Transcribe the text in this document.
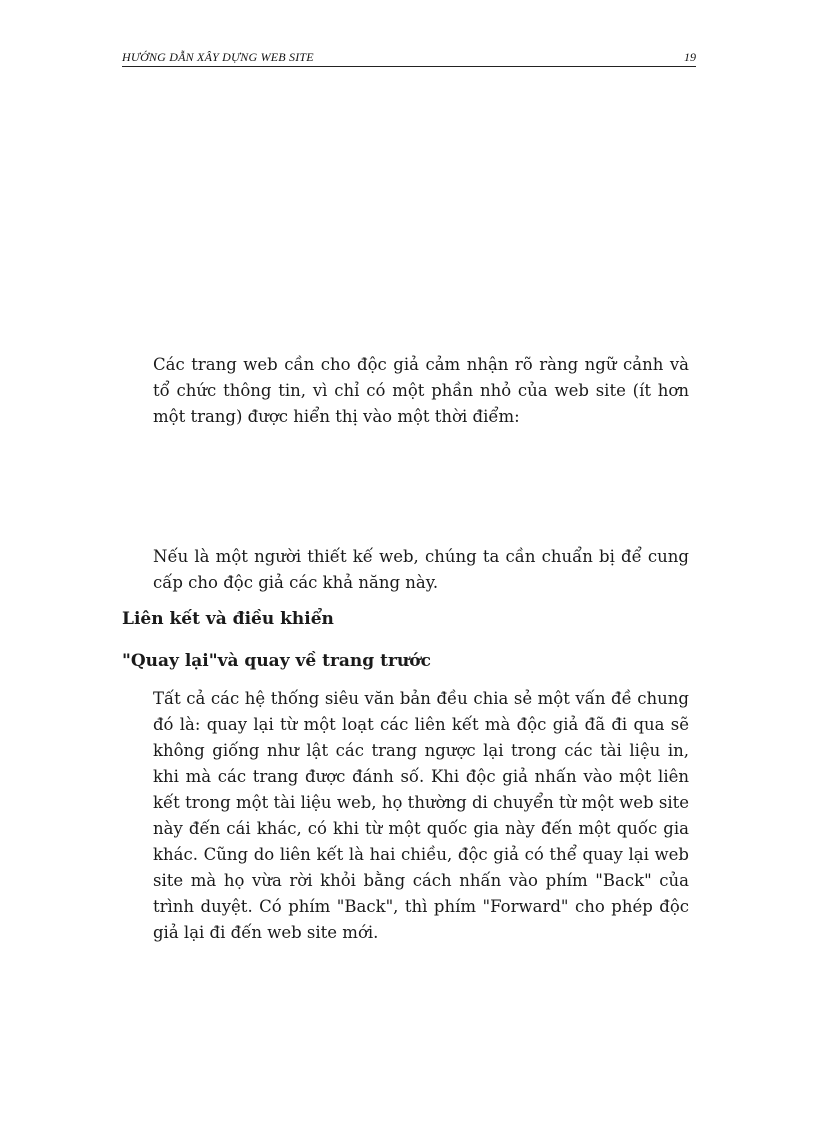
HƯỚNG DẪN XÂY DỰNG WEB SITE	19

Các trang web cần cho độc giả cảm nhận rõ ràng ngữ cảnh và tổ chức thông tin, vì chỉ có một phần nhỏ của web site (ít hơn một trang) được hiển thị vào một thời điểm:

Nếu là một người thiết kế web, chúng ta cần chuẩn bị để cung cấp cho độc giả các khả năng này.

Liên kết và điều khiển
"Quay lại"và quay về trang trước

Tất cả các hệ thống siêu văn bản đều chia sẻ một vấn đề chung đó là: quay lại từ một loạt các liên kết mà độc giả đã đi qua sẽ không giống như lật các trang ngược lại trong các tài liệu in, khi mà các trang được đánh số. Khi độc giả nhấn vào một liên kết trong một tài liệu web, họ thường di chuyển từ một web site này đến cái khác, có khi từ một quốc gia này đến một quốc gia khác. Cũng do liên kết là hai chiều, độc giả có thể quay lại web site mà họ vừa rời khỏi bằng cách nhấn vào phím "Back" của trình duyệt. Có phím "Back", thì phím "Forward" cho phép độc giả lại đi đến web site mới.
